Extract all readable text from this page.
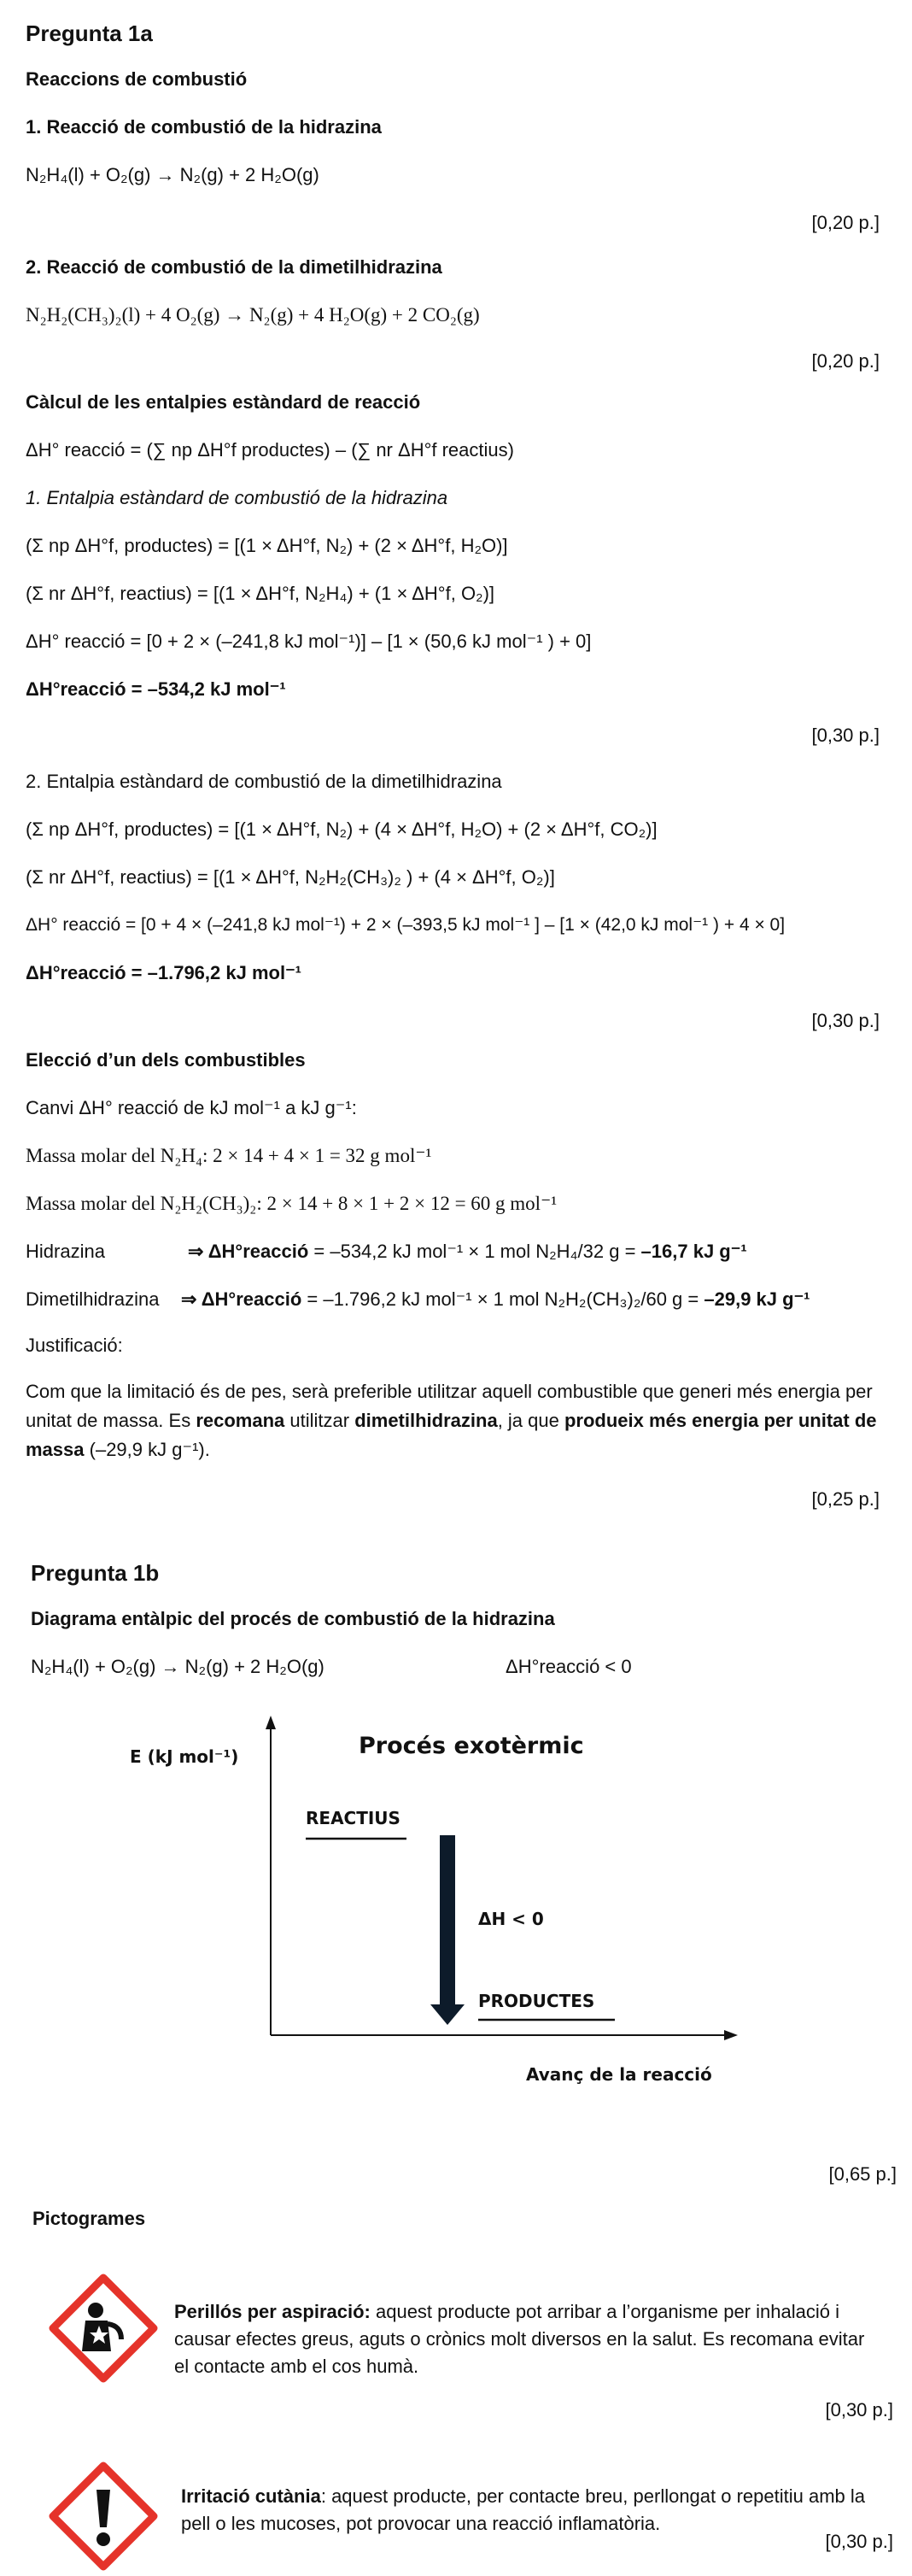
Pregunta 1a
Reaccions de combustió
1. Reacció de combustió de la hidrazina
N₂H₄(l) + O₂(g) → N₂(g) + 2 H₂O(g)
[0,20 p.]
2. Reacció de combustió de la dimetilhidrazina
N₂H₂(CH₃)₂(l) + 4 O₂(g) → N₂(g) + 4 H₂O(g) + 2 CO₂(g)
[0,20 p.]
Càlcul de les entalpies estàndard de reacció
ΔH° reacció = (∑ np ΔH°f productes) – (∑ nr ΔH°f reactius)
1. Entalpia estàndard de combustió de la hidrazina
(Σ np ΔH°f, productes) = [(1 × ΔH°f, N₂) + (2 × ΔH°f, H₂O)]
(Σ nr ΔH°f, reactius) = [(1 × ΔH°f, N₂H₄) + (1 × ΔH°f, O₂)]
ΔH° reacció = [0 + 2 × (–241,8 kJ mol⁻¹)] – [1 × (50,6 kJ mol⁻¹ ) + 0]
ΔH°reacció = –534,2 kJ mol⁻¹
[0,30 p.]
2. Entalpia estàndard de combustió de la dimetilhidrazina
(Σ np ΔH°f, productes) = [(1 × ΔH°f, N₂) + (4 × ΔH°f, H₂O) + (2 × ΔH°f, CO₂)]
(Σ nr ΔH°f, reactius) = [(1 × ΔH°f, N₂H₂(CH₃)₂ ) + (4 × ΔH°f, O₂)]
ΔH° reacció = [0 + 4 × (–241,8 kJ mol⁻¹) + 2 × (–393,5 kJ mol⁻¹ ] – [1 × (42,0 kJ mol⁻¹ ) + 4 × 0]
ΔH°reacció = –1.796,2 kJ mol⁻¹
[0,30 p.]
Elecció d’un dels combustibles
Canvi ΔH° reacció de kJ mol⁻¹ a kJ g⁻¹:
Massa molar del N₂H₄: 2 × 14 + 4 × 1 = 32 g mol⁻¹
Massa molar del N₂H₂(CH₃)₂: 2 × 14 + 8 × 1 + 2 × 12 = 60 g mol⁻¹
Hidrazina	⇒ ΔH°reacció = –534,2 kJ mol⁻¹ × 1 mol N₂H₄/32 g = –16,7 kJ g⁻¹
Dimetilhidrazina ⇒ ΔH°reacció = –1.796,2 kJ mol⁻¹ × 1 mol N₂H₂(CH₃)₂/60 g = –29,9 kJ g⁻¹
Justificació:
Com que la limitació és de pes, serà preferible utilitzar aquell combustible que generi més energia per unitat de massa. Es recomana utilitzar dimetilhidrazina, ja que produeix més energia per unitat de massa (–29,9 kJ g⁻¹).
[0,25 p.]
Pregunta 1b
Diagrama entàlpic del procés de combustió de la hidrazina
N₂H₄(l) + O₂(g) → N₂(g) + 2 H₂O(g)	ΔH°reacció < 0
Procés exotèrmic
E (kJ mol⁻¹)
REACTIUS
ΔH < 0
PRODUCTES
Avanç de la reacció
[0,65 p.]
Pictogrames
Perillós per aspiració: aquest producte pot arribar a l’organisme per inhalació i causar efectes greus, aguts o crònics molt diversos en la salut. Es recomana evitar el contacte amb el cos humà.
[0,30 p.]
Irritació cutània: aquest producte, per contacte breu, perllongat o repetitiu amb la pell o les mucoses, pot provocar una reacció inflamatòria.
[0,30 p.]
